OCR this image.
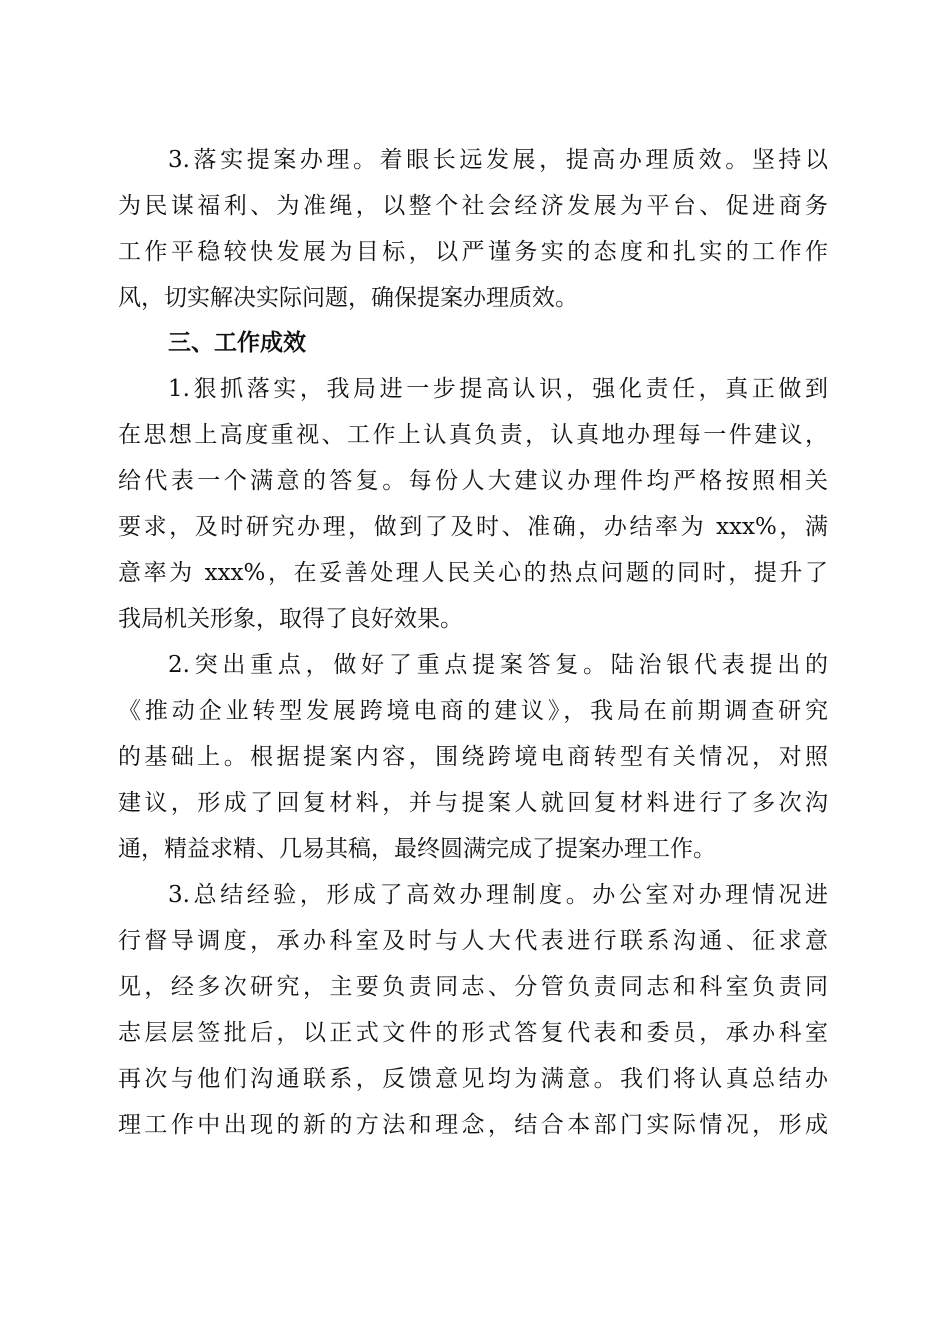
3.落实提案办理。着眼长远发展，提高办理质效。坚持以
为民谋福利、为准绳，以整个社会经济发展为平台、促进商务
工作平稳较快发展为目标，以严谨务实的态度和扎实的工作作
风，切实解决实际问题，确保提案办理质效。
三、工作成效
1.狠抓落实，我局进一步提高认识，强化责任，真正做到
在思想上高度重视、工作上认真负责，认真地办理每一件建议，
给代表一个满意的答复。每份人大建议办理件均严格按照相关
要求，及时研究办理，做到了及时、准确，办结率为 xxx%，满
意率为 xxx%，在妥善处理人民关心的热点问题的同时，提升了
我局机关形象，取得了良好效果。
2.突出重点，做好了重点提案答复。陆治银代表提出的
《推动企业转型发展跨境电商的建议》，我局在前期调查研究
的基础上。根据提案内容，围绕跨境电商转型有关情况，对照
建议，形成了回复材料，并与提案人就回复材料进行了多次沟
通，精益求精、几易其稿，最终圆满完成了提案办理工作。
3.总结经验，形成了高效办理制度。办公室对办理情况进
行督导调度，承办科室及时与人大代表进行联系沟通、征求意
见，经多次研究，主要负责同志、分管负责同志和科室负责同
志层层签批后，以正式文件的形式答复代表和委员，承办科室
再次与他们沟通联系，反馈意见均为满意。我们将认真总结办
理工作中出现的新的方法和理念，结合本部门实际情况，形成
